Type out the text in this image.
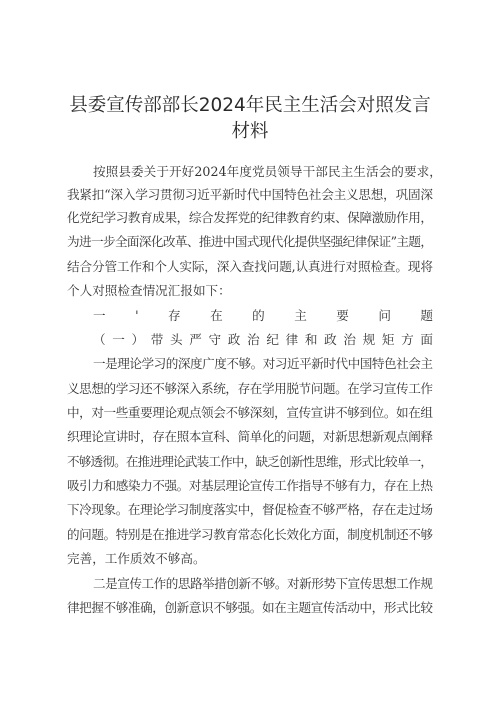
县委宣传部部长2024年民主生活会对照发言
材料
按照县委关于开好2024年度党员领导干部民主生活会的要求，
我紧扣“深入学习贯彻习近平新时代中国特色社会主义思想，巩固深
化党纪学习教育成果，综合发挥党的纪律教育约束、保障激励作用，
为进一步全面深化改革、推进中国式现代化提供坚强纪律保证”主题，
结合分管工作和个人实际，深入查找问题,认真进行对照检查。现将
个人对照检查情况汇报如下：
一'存在的主要问题
（一）带头严守政治纪律和政治规矩方面
一是理论学习的深度广度不够。对习近平新时代中国特色社会主
义思想的学习还不够深入系统，存在学用脱节问题。在学习宣传工作
中，对一些重要理论观点领会不够深刻，宣传宣讲不够到位。如在组
织理论宣讲时，存在照本宣科、简单化的问题，对新思想新观点阐释
不够透彻。在推进理论武装工作中，缺乏创新性思维，形式比较单一，
吸引力和感染力不强。对基层理论宣传工作指导不够有力，存在上热
下冷现象。在理论学习制度落实中，督促检查不够严格，存在走过场
的问题。特别是在推进学习教育常态化长效化方面，制度机制还不够
完善，工作质效不够高。
二是宣传工作的思路举措创新不够。对新形势下宣传思想工作规
律把握不够准确，创新意识不够强。如在主题宣传活动中，形式比较
